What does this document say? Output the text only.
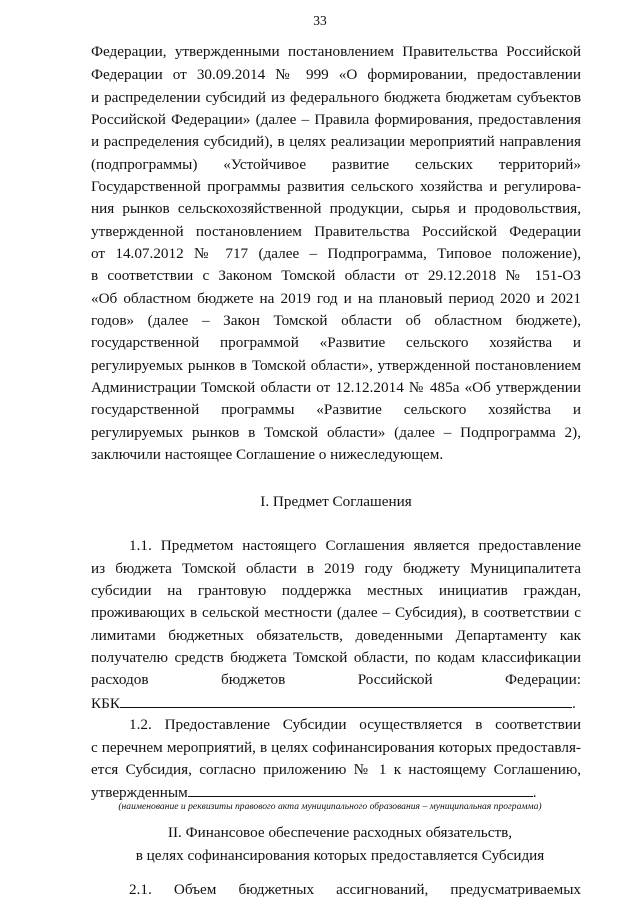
33
Федерации, утвержденными постановлением Правительства Российской
Федерации от 30.09.2014 № 999 «О формировании, предоставлении
и распределении субсидий из федерального бюджета бюджетам субъектов
Российской Федерации» (далее – Правила формирования, предоставления
и распределения субсидий), в целях реализации мероприятий направления
(подпрограммы) «Устойчивое развитие сельских территорий»
Государственной программы развития сельского хозяйства и регулирова-
ния рынков сельскохозяйственной продукции, сырья и продовольствия,
утвержденной постановлением Правительства Российской Федерации
от 14.07.2012 № 717 (далее – Подпрограмма, Типовое положение),
в соответствии с Законом Томской области от 29.12.2018 № 151-ОЗ
«Об областном бюджете на 2019 год и на плановый период 2020 и 2021
годов» (далее – Закон Томской области об областном бюджете),
государственной программой «Развитие сельского хозяйства и
регулируемых рынков в Томской области», утвержденной постановлением
Администрации Томской области от 12.12.2014 № 485а «Об утверждении
государственной программы «Развитие сельского хозяйства и
регулируемых рынков в Томской области» (далее – Подпрограмма 2),
заключили настоящее Соглашение о нижеследующем.
I. Предмет Соглашения
1.1. Предметом настоящего Соглашения является предоставление
из бюджета Томской области в 2019 году бюджету Муниципалитета
субсидии на грантовую поддержка местных инициатив граждан,
проживающих в сельской местности (далее – Субсидия), в соответствии с
лимитами бюджетных обязательств, доведенными Департаменту как
получателю средств бюджета Томской области, по кодам классификации
расходов бюджетов Российской Федерации:
КБК	.
1.2. Предоставление Субсидии осуществляется в соответствии
с перечнем мероприятий, в целях софинансирования которых предоставля-
ется Субсидия, согласно приложению № 1 к настоящему Соглашению,
утвержденным	.
(наименование и реквизиты правового акта муниципального образования – муниципальная программа)
II. Финансовое обеспечение расходных обязательств,
в целях софинансирования которых предоставляется Субсидия
2.1. Объем бюджетных ассигнований, предусматриваемых
